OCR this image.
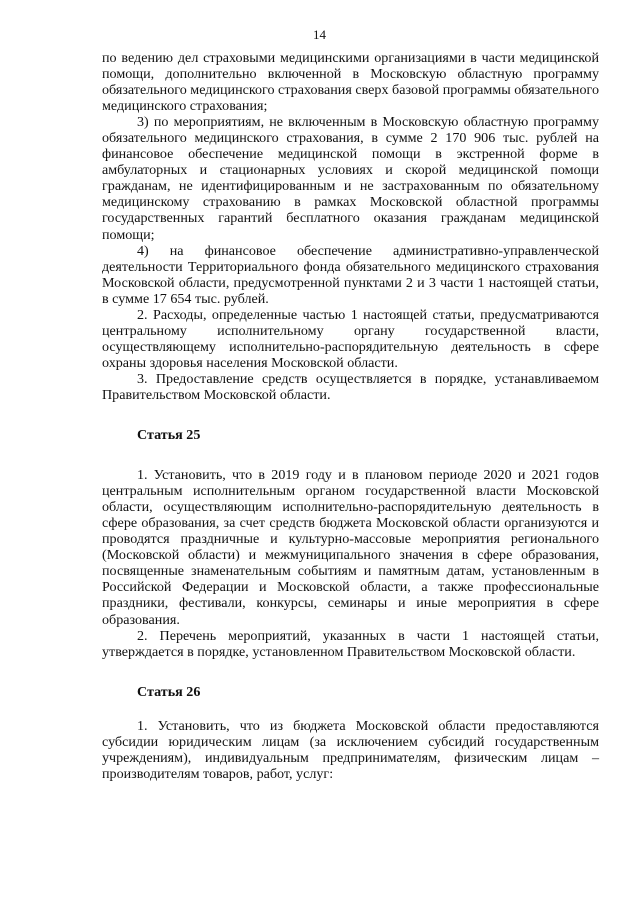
14

по ведению дел страховыми медицинскими организациями в части медицинской помощи, дополнительно включенной в Московскую областную программу обязательного медицинского страхования сверх базовой программы обязательного медицинского страхования;

3) по мероприятиям, не включенным в Московскую областную программу обязательного медицинского страхования, в сумме 2 170 906 тыс. рублей на финансовое обеспечение медицинской помощи в экстренной форме в амбулаторных и стационарных условиях и скорой медицинской помощи гражданам, не идентифицированным и не застрахованным по обязательному медицинскому страхованию в рамках Московской областной программы государственных гарантий бесплатного оказания гражданам медицинской помощи;

4) на финансовое обеспечение административно-управленческой деятельности Территориального фонда обязательного медицинского страхования Московской области, предусмотренной пунктами 2 и 3 части 1 настоящей статьи, в сумме 17 654 тыс. рублей.

2. Расходы, определенные частью 1 настоящей статьи, предусматриваются центральному исполнительному органу государственной власти, осуществляющему исполнительно-распорядительную деятельность в сфере охраны здоровья населения Московской области.

3. Предоставление средств осуществляется в порядке, устанавливаемом Правительством Московской области.

Статья 25

1. Установить, что в 2019 году и в плановом периоде 2020 и 2021 годов центральным исполнительным органом государственной власти Московской области, осуществляющим исполнительно-распорядительную деятельность в сфере образования, за счет средств бюджета Московской области организуются и проводятся праздничные и культурно-массовые мероприятия регионального (Московской области) и межмуниципального значения в сфере образования, посвященные знаменательным событиям и памятным датам, установленным в Российской Федерации и Московской области, а также профессиональные праздники, фестивали, конкурсы, семинары и иные мероприятия в сфере образования.

2. Перечень мероприятий, указанных в части 1 настоящей статьи, утверждается в порядке, установленном Правительством Московской области.

Статья 26

1. Установить, что из бюджета Московской области предоставляются субсидии юридическим лицам (за исключением субсидий государственным учреждениям), индивидуальным предпринимателям, физическим лицам – производителям товаров, работ, услуг:
